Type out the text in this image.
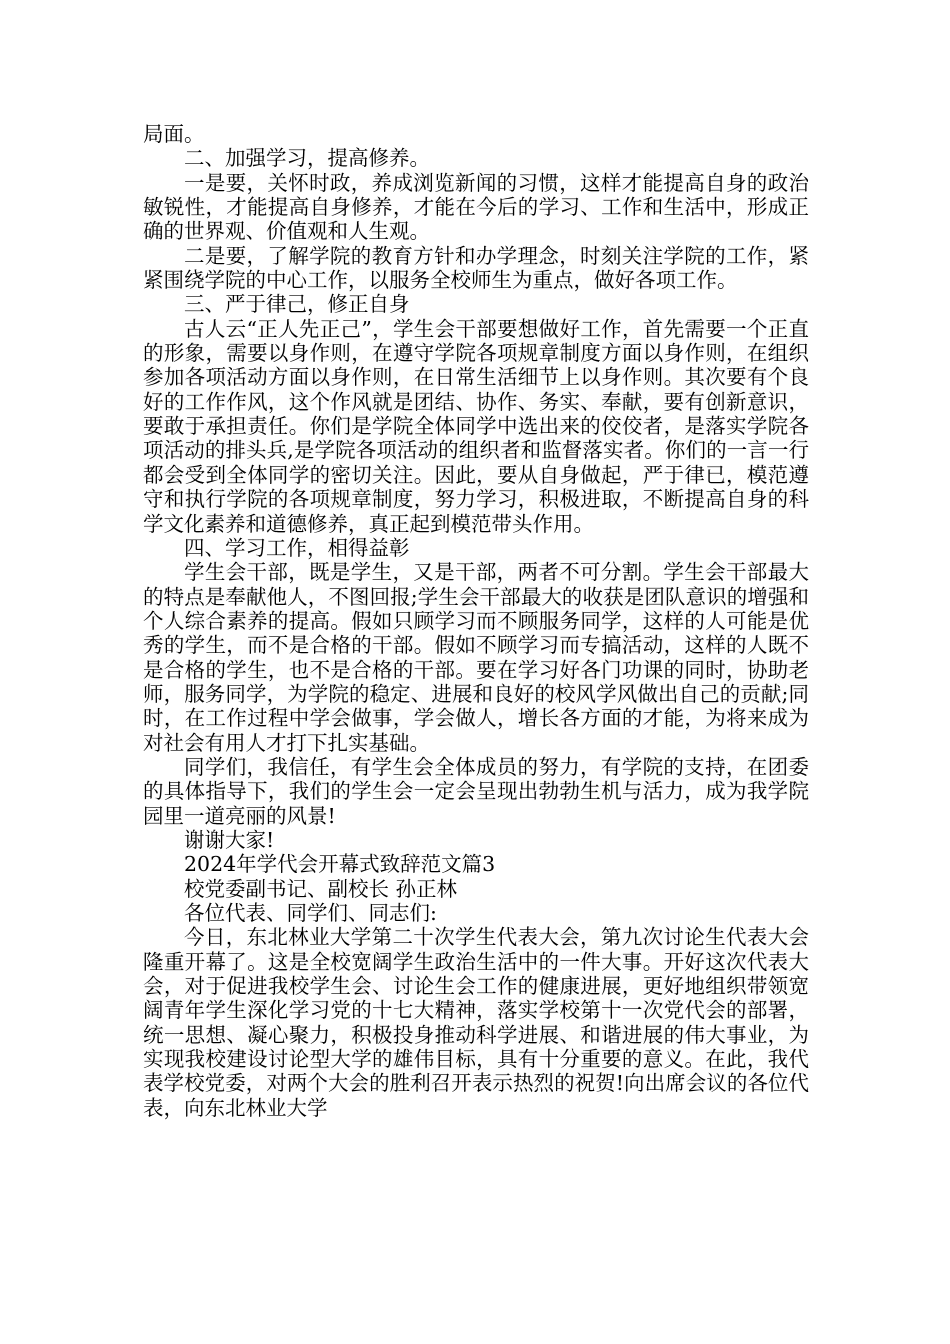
局面。

二、加强学习，提高修养。

一是要，关怀时政，养成浏览新闻的习惯，这样才能提高自身的政治敏锐性，才能提高自身修养，才能在今后的学习、工作和生活中，形成正确的世界观、价值观和人生观。

二是要，了解学院的教育方针和办学理念，时刻关注学院的工作，紧紧围绕学院的中心工作，以服务全校师生为重点，做好各项工作。

三、严于律己，修正自身

古人云“正人先正己”，学生会干部要想做好工作，首先需要一个正直的形象，需要以身作则，在遵守学院各项规章制度方面以身作则，在组织参加各项活动方面以身作则，在日常生活细节上以身作则。其次要有个良好的工作作风，这个作风就是团结、协作、务实、奉献，要有创新意识，要敢于承担责任。你们是学院全体同学中选出来的佼佼者，是落实学院各项活动的排头兵,是学院各项活动的组织者和监督落实者。你们的一言一行都会受到全体同学的密切关注。因此，要从自身做起，严于律已，模范遵守和执行学院的各项规章制度，努力学习，积极进取，不断提高自身的科学文化素养和道德修养，真正起到模范带头作用。

四、学习工作，相得益彰

学生会干部，既是学生，又是干部，两者不可分割。学生会干部最大的特点是奉献他人，不图回报;学生会干部最大的收获是团队意识的增强和个人综合素养的提高。假如只顾学习而不顾服务同学，这样的人可能是优秀的学生，而不是合格的干部。假如不顾学习而专搞活动，这样的人既不是合格的学生，也不是合格的干部。要在学习好各门功课的同时，协助老师，服务同学，为学院的稳定、进展和良好的校风学风做出自己的贡献;同时，在工作过程中学会做事，学会做人，增长各方面的才能，为将来成为对社会有用人才打下扎实基础。

同学们，我信任，有学生会全体成员的努力，有学院的支持，在团委的具体指导下，我们的学生会一定会呈现出勃勃生机与活力，成为我学院园里一道亮丽的风景!

谢谢大家!

2024年学代会开幕式致辞范文篇3

校党委副书记、副校长 孙正林

各位代表、同学们、同志们:

今日，东北林业大学第二十次学生代表大会，第九次讨论生代表大会隆重开幕了。这是全校宽阔学生政治生活中的一件大事。开好这次代表大会，对于促进我校学生会、讨论生会工作的健康进展，更好地组织带领宽阔青年学生深化学习党的十七大精神，落实学校第十一次党代会的部署，统一思想、凝心聚力，积极投身推动科学进展、和谐进展的伟大事业，为实现我校建设讨论型大学的雄伟目标，具有十分重要的意义。在此，我代表学校党委，对两个大会的胜利召开表示热烈的祝贺!向出席会议的各位代表，向东北林业大学
